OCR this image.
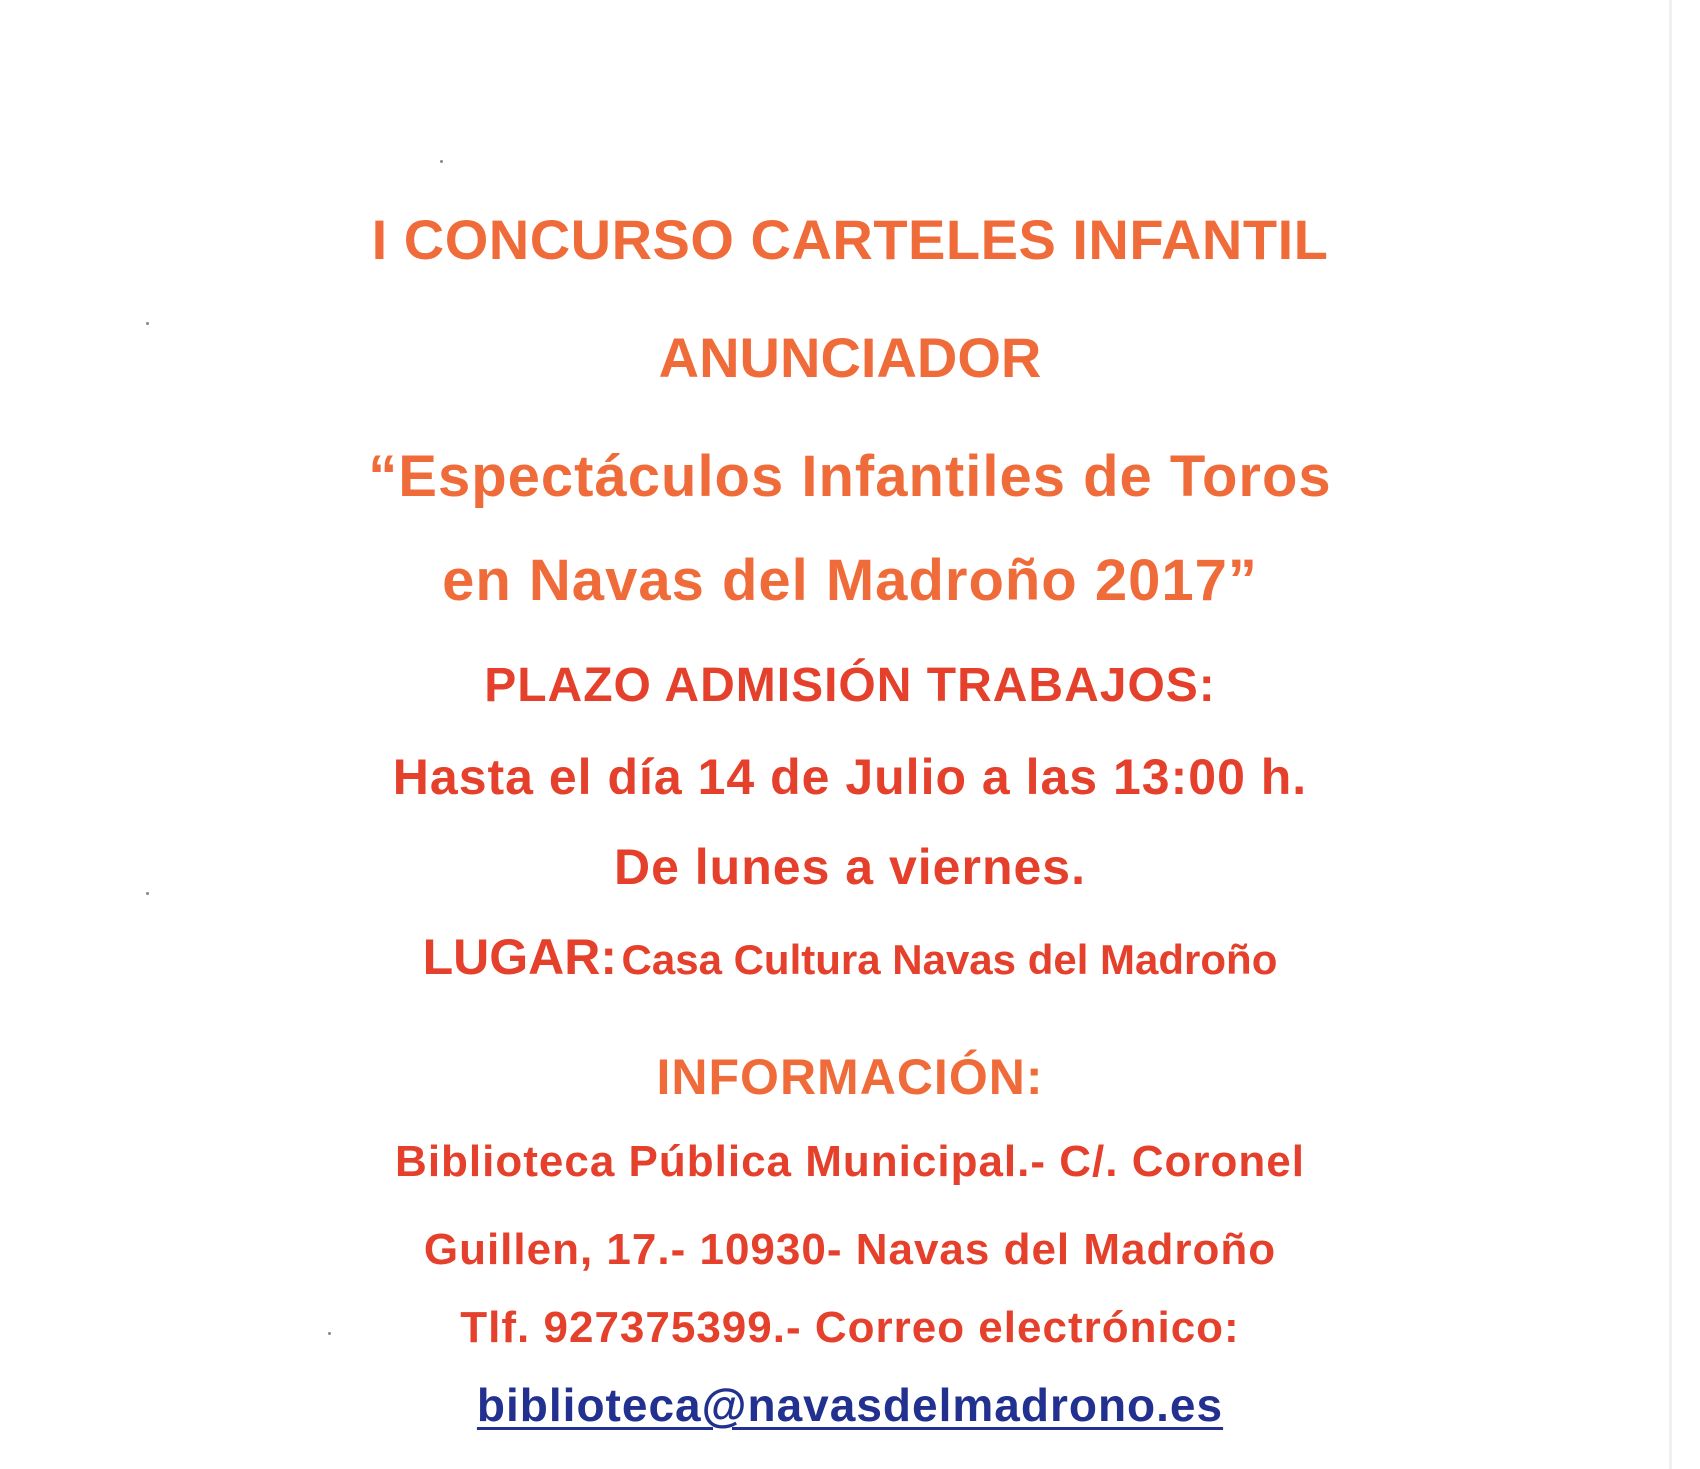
I CONCURSO CARTELES INFANTIL
ANUNCIADOR
“Espectáculos Infantiles de Toros
en Navas del Madroño 2017”
PLAZO ADMISIÓN TRABAJOS:
Hasta el día 14 de Julio a las 13:00 h.
De lunes a viernes.
LUGAR: Casa Cultura Navas del Madroño
INFORMACIÓN:
Biblioteca Pública Municipal.- C/. Coronel
Guillen, 17.- 10930- Navas del Madroño
Tlf. 927375399.- Correo electrónico:
biblioteca@navasdelmadrono.es
